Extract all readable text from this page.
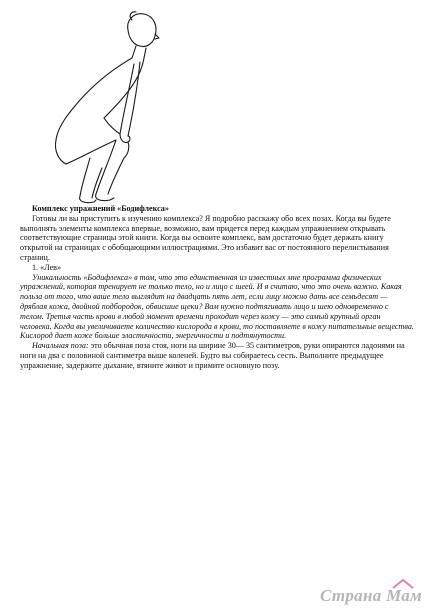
Комплекс упражнений «Бодифлекса»

Готовы ли вы приступить к изучению комплекса? Я подробно расскажу обо всех позах. Когда вы будете выполнять элементы комплекса впервые, возможно, вам придется перед каждым упражнением открывать соответствующие страницы этой книги. Когда вы освоите комплекс, вам достаточно будет держать книгу открытой на страницах с обобщающими иллюстрациями. Это избавит вас от постоянного перелистывания страниц.

1. «Лев»

Уникальность «Бодифлекса» в том, что это единственная из известных мне программа физических упражнений, которая тренирует не только тело, но и лицо с шеей. И я считаю, что это очень важно. Какая польза от того, что ваше тело выглядит на двадцать пять лет, если лицу можно дать все семьдесят — дряблая кожа, двойной подбородок, обвисшие щеки? Вам нужно подтягивать лицо и шею одновременно с телом. Третья часть крови в любой момент времени проходит через кожу — это самый крупный орган человека. Когда вы увеличиваете количество кислорода в крови, то поставляете в кожу питательные вещества. Кислород дает коже больше эластичности, энергичности и подтянутости.

Начальная поза: это обычная поза стоя, ноги на ширине 30— 35 сантиметров, руки опираются ладонями на ноги на два с половиной сантиметра выше коленей. Будто вы собираетесь сесть. Выполните предыдущее упражнение, задержите дыхание, втяните живот и примите основную позу.

Страна Мам
